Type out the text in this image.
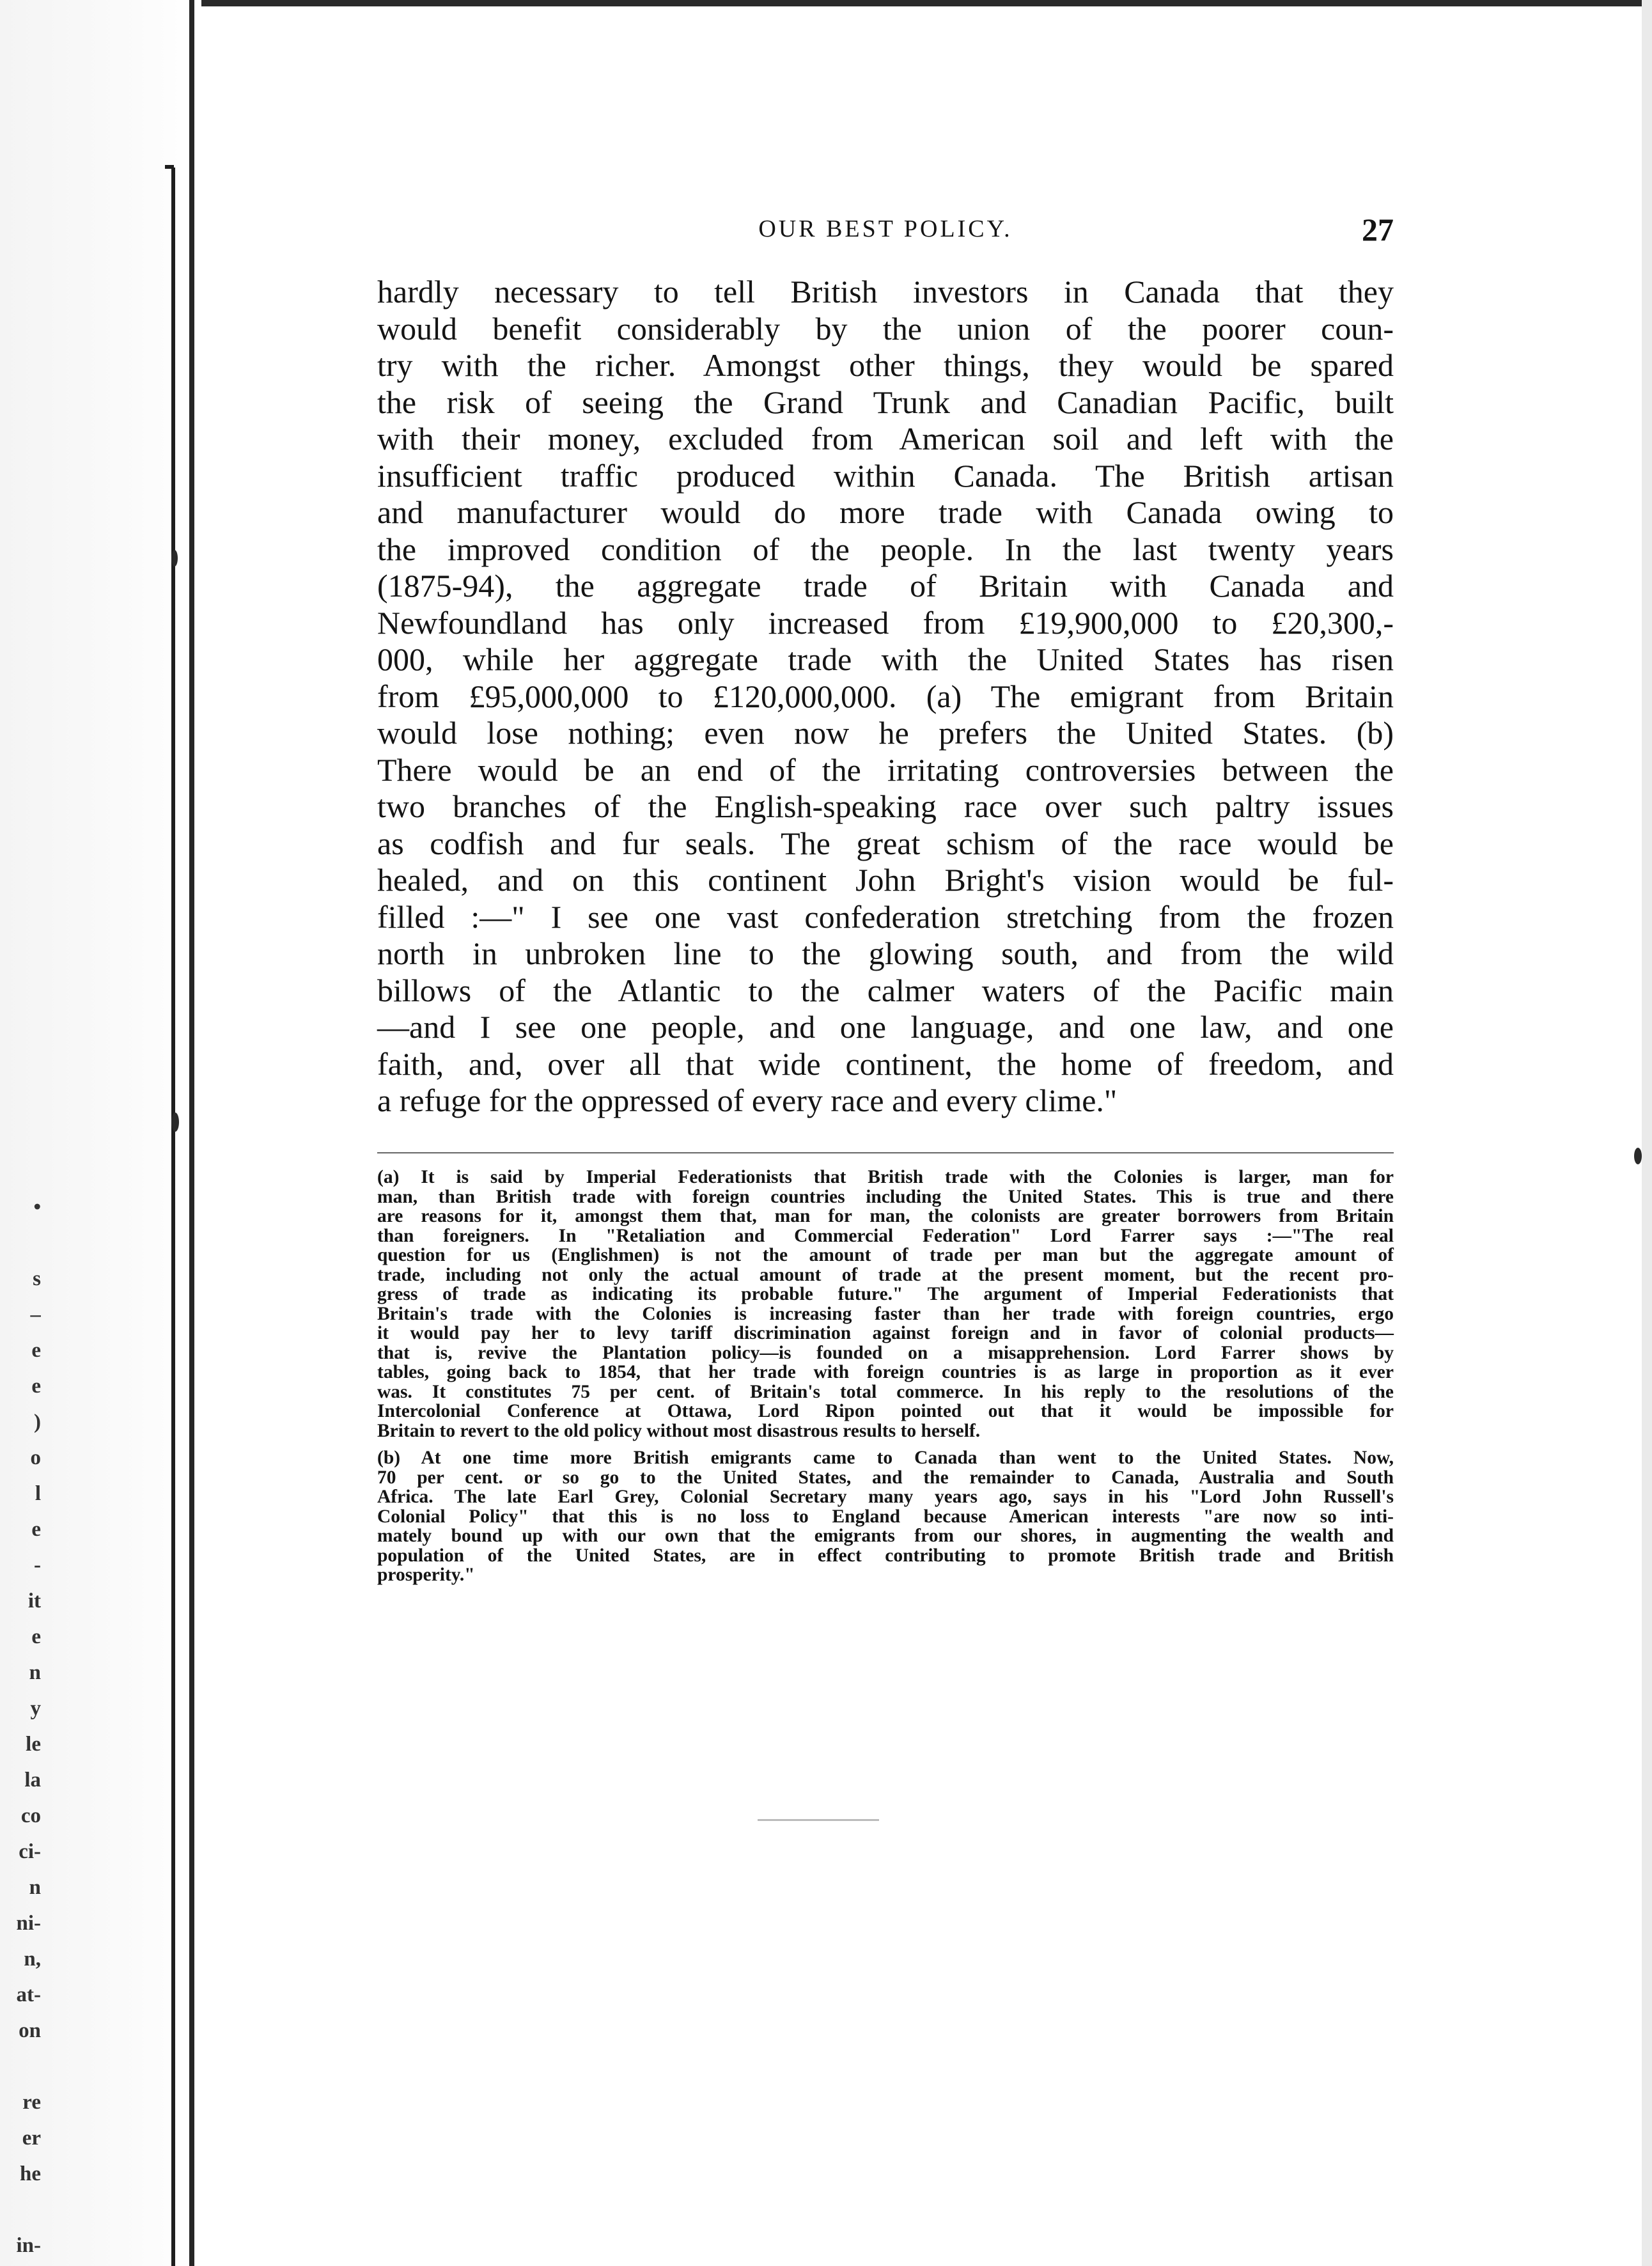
•
s
–
e
e
)
o
l
e
-
it
e
n
y
le
la
co
ci-
n
ni-
n,
at-
on
re
er
he
in-
OUR BEST POLICY.	27
hardly necessary to tell British investors in Canada that they
would benefit considerably by the union of the poorer coun-
try with the richer. Amongst other things, they would be spared
the risk of seeing the Grand Trunk and Canadian Pacific, built
with their money, excluded from American soil and left with the
insufficient traffic produced within Canada. The British artisan
and manufacturer would do more trade with Canada owing to
the improved condition of the people. In the last twenty years
(1875-94), the aggregate trade of Britain with Canada and
Newfoundland has only increased from £19,900,000 to £20,300,-
000, while her aggregate trade with the United States has risen
from £95,000,000 to £120,000,000. (a) The emigrant from Britain
would lose nothing; even now he prefers the United States. (b)
There would be an end of the irritating controversies between the
two branches of the English-speaking race over such paltry issues
as codfish and fur seals. The great schism of the race would be
healed, and on this continent John Bright's vision would be ful-
filled :—" I see one vast confederation stretching from the frozen
north in unbroken line to the glowing south, and from the wild
billows of the Atlantic to the calmer waters of the Pacific main
—and I see one people, and one language, and one law, and one
faith, and, over all that wide continent, the home of freedom, and
a refuge for the oppressed of every race and every clime."
(a) It is said by Imperial Federationists that British trade with the Colonies is larger, man for
man, than British trade with foreign countries including the United States. This is true and there
are reasons for it, amongst them that, man for man, the colonists are greater borrowers from Britain
than foreigners. In "Retaliation and Commercial Federation" Lord Farrer says :—"The real
question for us (Englishmen) is not the amount of trade per man but the aggregate amount of
trade, including not only the actual amount of trade at the present moment, but the recent pro-
gress of trade as indicating its probable future." The argument of Imperial Federationists that
Britain's trade with the Colonies is increasing faster than her trade with foreign countries, ergo
it would pay her to levy tariff discrimination against foreign and in favor of colonial products—
that is, revive the Plantation policy—is founded on a misapprehension. Lord Farrer shows by
tables, going back to 1854, that her trade with foreign countries is as large in proportion as it ever
was. It constitutes 75 per cent. of Britain's total commerce. In his reply to the resolutions of the
Intercolonial Conference at Ottawa, Lord Ripon pointed out that it would be impossible for
Britain to revert to the old policy without most disastrous results to herself.
(b) At one time more British emigrants came to Canada than went to the United States. Now,
70 per cent. or so go to the United States, and the remainder to Canada, Australia and South
Africa. The late Earl Grey, Colonial Secretary many years ago, says in his "Lord John Russell's
Colonial Policy" that this is no loss to England because American interests "are now so inti-
mately bound up with our own that the emigrants from our shores, in augmenting the wealth and
population of the United States, are in effect contributing to promote British trade and British
prosperity."
